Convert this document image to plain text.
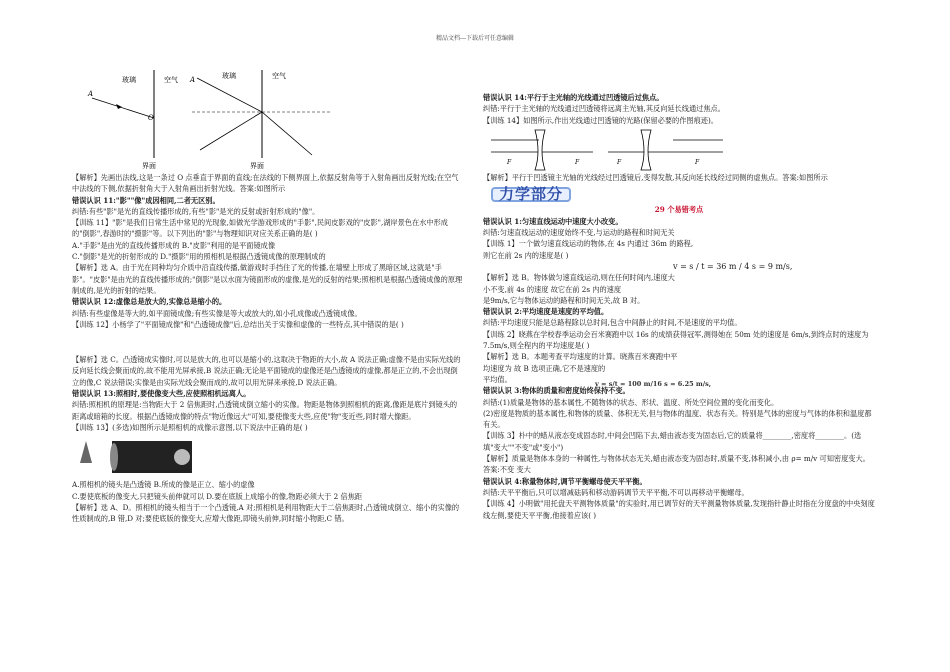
精品文档---下载后可任意编辑
玻璃	空气
A
O
界面
玻璃	空气
A
界面

【解析】先画出法线,这是一条过 O 点垂直于界面的直线;在法线的下侧界面上,依据反射角等于入射角画出反射光线;在空气中法线的下侧,依据折射角大于入射角画出折射光线。答案:如图所示

错误认识 11:"影""像"成因相同,二者无区别。

纠错:有些"影"是光的直线传播形成的,有些"影"是光的反射或折射形成的"像"。

【训练 11】"影"是我们日常生活中常见的光现象,如做光学游戏形成的"手影",民间皮影戏的"皮影",湖岸景色在水中形成的"倒影",春游时的"摄影"等。以下列出的"影"与物理知识对应关系正确的是( )

A."手影"是由光的直线传播形成的 B."皮影"利用的是平面镜成像

C."倒影"是光的折射形成的 D."摄影"用的照相机是根据凸透镜成像的原理制成的

【解析】选 A。由于光在同种均匀介质中沿直线传播,做游戏时手挡住了光的传播,在墙壁上形成了黑暗区域,这就是"手影"。"皮影"是由光的直线传播形成的;"倒影"是以水面为镜面形成的虚像,是光的反射的结果;照相机是根据凸透镜成像的原理制成的,是光的折射的结果。

错误认识 12:虚像总是放大的,实像总是缩小的。

纠错:有些虚像是等大的,如平面镜成像;有些实像是等大或放大的,如小孔成像或凸透镜成像。

【训练 12】小杨学了"平面镜成像"和"凸透镜成像"后,总结出关于实像和虚像的一些特点,其中错误的是( )

【解析】选 C。凸透镜成实像时,可以是放大的,也可以是缩小的,这取决于物距的大小,故 A 说法正确;虚像不是由实际光线的反向延长线会聚而成的,故不能用光屏承接,B 说法正确;无论是平面镜成的虚像还是凸透镜成的虚像,都是正立的,不会出现倒立的像,C 说法错误;实像是由实际光线会聚而成的,故可以用光屏来承接,D 说法正确。

错误认识 13:照相时,要使像变大些,应使照相机远离人。

纠错:照相机的原理是:当物距大于 2 倍焦距时,凸透镜成倒立缩小的实像。物距是物体到照相机的距离,像距是底片到镜头的距离或暗箱的长度。根据凸透镜成像的特点"物近像远大"可知,要使像变大些,应使"物"变近些,同时增大像距。

【训练 13】(多选)如图所示是照相机的成像示意图,以下说法中正确的是( )

A.照相机的镜头是凸透镜 B.所成的像是正立、缩小的虚像

C.要使底板的像变大,只把镜头前伸就可以 D.要在底版上成缩小的像,物距必须大于 2 倍焦距

【解析】选 A、D。照相机的镜头相当于一个凸透镜,A 对;照相机是利用物距大于二倍焦距时,凸透镜成倒立、缩小的实像的性质制成的,B 错,D 对;要使底版的像变大,应增大像距,即镜头前伸,同时缩小物距,C 错。

错误认识 14:平行于主光轴的光线通过凹透镜后过焦点。

纠错:平行于主光轴的光线通过凹透镜将远离主光轴,其反向延长线通过焦点。

【训练 14】如图所示,作出光线通过凹透镜的光路(保留必要的作图痕迹)。

F	F	F	F

【解析】平行于凹透镜主光轴的光线经过凹透镜后,变得发散,其反向延长线经过同侧的虚焦点。答案:如图所示

力学部分

29 个易错考点

错误认识 1:匀速直线运动中速度大小改变。

纠错:匀速直线运动的速度始终不变,与运动的路程和时间无关

【训练 1】一个做匀速直线运动的物体,在 4s 内通过 36m 的路程,

则它在前 2s 内的速度是( )

v = s / t = 36 m / 4 s = 9 m/s,

【解析】选 B。物体做匀速直线运动,则在任何时间内,速度大

小不变,前 4s 的速度 故它在前 2s 内的速度

是9m/s,它与物体运动的路程和时间无关,故 B 对。

错误认识 2:平均速度是速度的平均值。

纠错:平均速度只能是总路程除以总时间,包含中间静止的时间,不是速度的平均值。

【训练 2】晓燕在学校春季运动会百米赛跑中以 16s 的成绩获得冠军,测得她在 50m 处的速度是 6m/s,到终点时的速度为 7.5m/s,则全程内的平均速度是( )

【解析】选 B。本题考查平均速度的计算。晓燕百米赛跑中平

均速度为 故 B 选项正确,它不是速度的

平均值。

错误认识 3:物体的质量和密度始终保持不变。
v = s/t = 100 m/16 s = 6.25 m/s,

纠错:(1)质量是物体的基本属性,不随物体的状态、形状、温度、所处空间位置的变化而变化。

(2)密度是物质的基本属性,和物体的质量、体积无关,但与物体的温度、状态有关。特别是气体的密度与气体的体积和温度都有关。

【训练 3】朴中的蜡从液态变成固态时,中间会凹陷下去,蜡由液态变为固态后,它的质量将________,密度将________。(选填"变大""不变"或"变小")

【解析】质量是物体本身的一种属性,与物体状态无关,蜡由液态变为固态时,质量不变,体积减小,由 ρ= m/v 可知密度变大。答案:不变 变大

错误认识 4:称量物体时,调节平衡螺母使天平平衡。

纠错:天平平衡后,只可以增减砝码和移动游码调节天平平衡,不可以再移动平衡螺母。

【训练 4】小明做"用托盘天平测物体质量"的实验时,用已调节好的天平测量物体质量,发现指针静止时指在分度盘的中央刻度线左侧,要使天平平衡,他接着应该( )
